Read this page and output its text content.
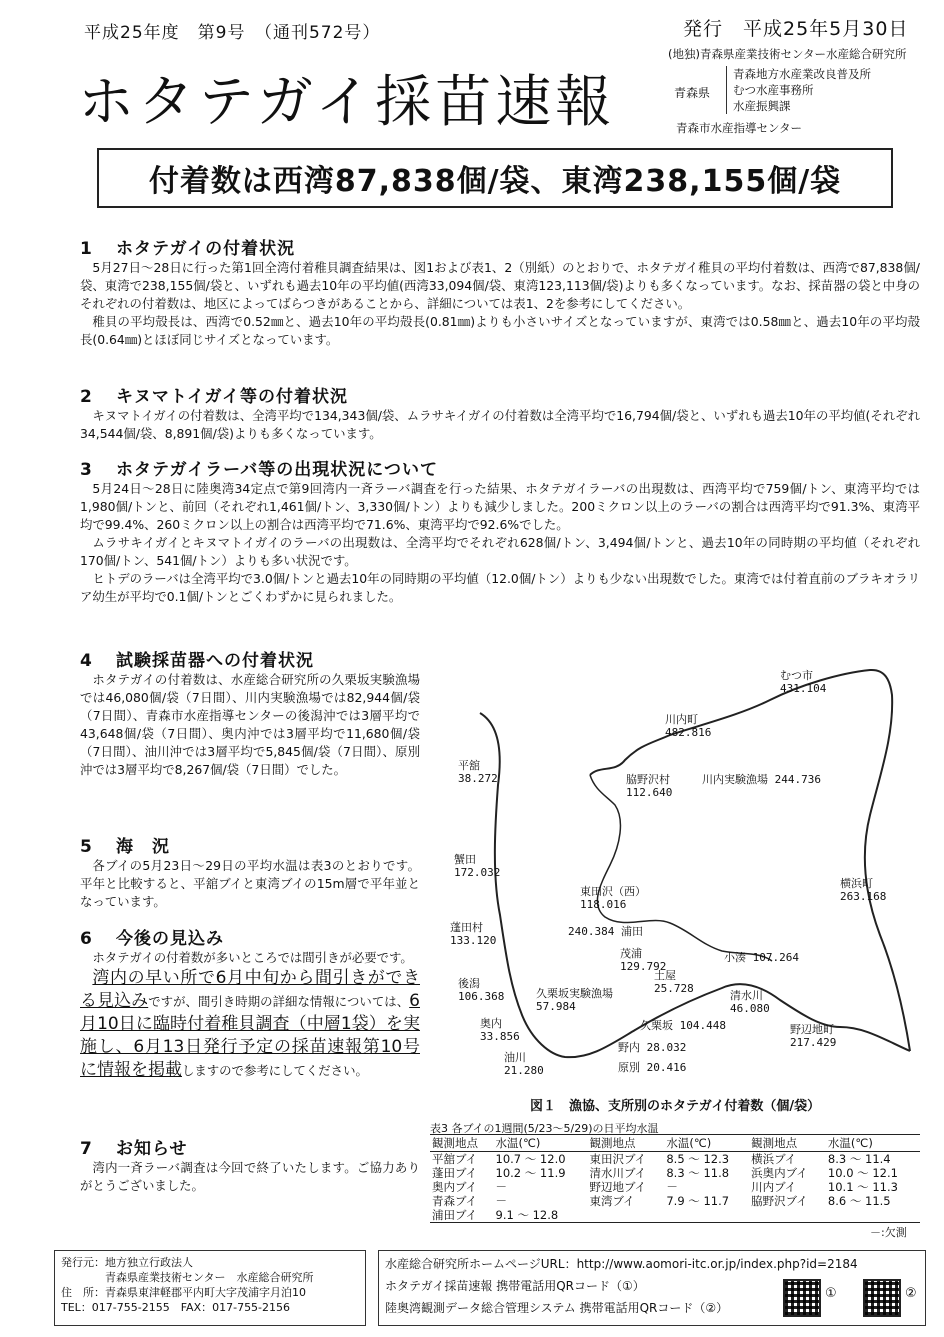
平成25年度　第9号　（通刊572号）	発行　平成25年5月30日
ホタテガイ採苗速報
(地独)青森県産業技術センター水産総合研究所
青森県
青森地方水産業改良普及所
むつ水産事務所
水産振興課
青森市水産指導センター
付着数は西湾87,838個/袋、東湾238,155個/袋
1 ホタテガイの付着状況
5月27日～28日に行った第1回全湾付着稚貝調査結果は、図1および表1、2（別紙）のとおりで、ホタテガイ稚貝の平均付着数は、西湾で87,838個/袋、東湾で238,155個/袋と、いずれも過去10年の平均値(西湾33,094個/袋、東湾123,113個/袋)よりも多くなっています。なお、採苗器の袋と中身のそれぞれの付着数は、地区によってばらつきがあることから、詳細については表1、2を参考にしてください。
稚貝の平均殻長は、西湾で0.52㎜と、過去10年の平均殻長(0.81㎜)よりも小さいサイズとなっていますが、東湾では0.58㎜と、過去10年の平均殻長(0.64㎜)とほぼ同じサイズとなっています。
2 キヌマトイガイ等の付着状況
キヌマトイガイの付着数は、全湾平均で134,343個/袋、ムラサキイガイの付着数は全湾平均で16,794個/袋と、いずれも過去10年の平均値(それぞれ34,544個/袋、8,891個/袋)よりも多くなっています。
3 ホタテガイラーバ等の出現状況について
5月24日～28日に陸奥湾34定点で第9回湾内一斉ラーバ調査を行った結果、ホタテガイラーバの出現数は、西湾平均で759個/トン、東湾平均では1,980個/トンと、前回（それぞれ1,461個/トン、3,330個/トン）よりも減少しました。200ミクロン以上のラーバの割合は西湾平均で91.3%、東湾平均で99.4%、260ミクロン以上の割合は西湾平均で71.6%、東湾平均で92.6%でした。
ムラサキイガイとキヌマトイガイのラーバの出現数は、全湾平均でそれぞれ628個/トン、3,494個/トンと、過去10年の同時期の平均値（それぞれ170個/トン、541個/トン）よりも多い状況です。
ヒトデのラーバは全湾平均で3.0個/トンと過去10年の同時期の平均値（12.0個/トン）よりも少ない出現数でした。東湾では付着直前のブラキオラリア幼生が平均で0.1個/トンとごくわずかに見られました。
4 試験採苗器への付着状況
ホタテガイの付着数は、水産総合研究所の久栗坂実験漁場では46,080個/袋（7日間）、川内実験漁場では82,944個/袋（7日間）、青森市水産指導センターの後潟沖では3層平均で43,648個/袋（7日間）、奥内沖では3層平均で11,680個/袋（7日間）、油川沖では3層平均で5,845個/袋（7日間）、原別沖では3層平均で8,267個/袋（7日間）でした。
5 海　況
各ブイの5月23日～29日の平均水温は表3のとおりです。平年と比較すると、平舘ブイと東湾ブイの15m層で平年並となっています。
6 今後の見込み
ホタテガイの付着数が多いところでは間引きが必要です。
湾内の早い所で6月中旬から間引きができる見込みですが、間引き時期の詳細な情報については、6月10日に臨時付着稚貝調査（中層1袋）を実施し、6月13日発行予定の採苗速報第10号に情報を掲載しますので参考にしてください。
7 お知らせ
湾内一斉ラーバ調査は今回で終了いたします。ご協力ありがとうございました。
むつ市
431.104
川内町
482.816
平舘
38.272	脇野沢村
112.640
川内実験漁場 244.736
蟹田
172.032
東田沢（西）
118.016
横浜町
263.168
蓬田村
133.120
240.384 浦田
茂浦
129.792
小湊 107.264
土屋
25.728
後潟
106.368	久栗坂実験漁場
57.984
清水川
46.080
奥内
33.856
久栗坂 104.448	野辺地町
217.429
油川
21.280
野内 28.032
原別 20.416
図１　漁協、支所別のホタテガイ付着数（個/袋）
表3 各ブイの1週間(5/23～5/29)の日平均水温
観測地点	水温(℃)	観測地点	水温(℃)	観測地点	水温(℃)
平舘ブイ	10.7 ～ 12.0	東田沢ブイ	8.5 ～ 12.3	横浜ブイ	8.3 ～ 11.4
蓬田ブイ	10.2 ～ 11.9	清水川ブイ	8.3 ～ 11.8	浜奥内ブイ	10.0 ～ 12.1
奥内ブイ	－	野辺地ブイ	－	川内ブイ	10.1 ～ 11.3
青森ブイ	－	東湾ブイ	7.9 ～ 11.7	脇野沢ブイ	8.6 ～ 11.5
浦田ブイ	9.1 ～ 12.8				
－:欠測
発行元：地方独立行政法人
　　　　青森県産業技術センター　水産総合研究所
住　所：青森県東津軽郡平内町大字茂浦字月泊10
TEL：017-755-2155　FAX：017-755-2156
水産総合研究所ホームページURL：http://www.aomori-itc.or.jp/index.php?id=2184
ホタテガイ採苗速報 携帯電話用QRコード（①）
陸奥湾観測データ総合管理システム 携帯電話用QRコード（②）
①	②
